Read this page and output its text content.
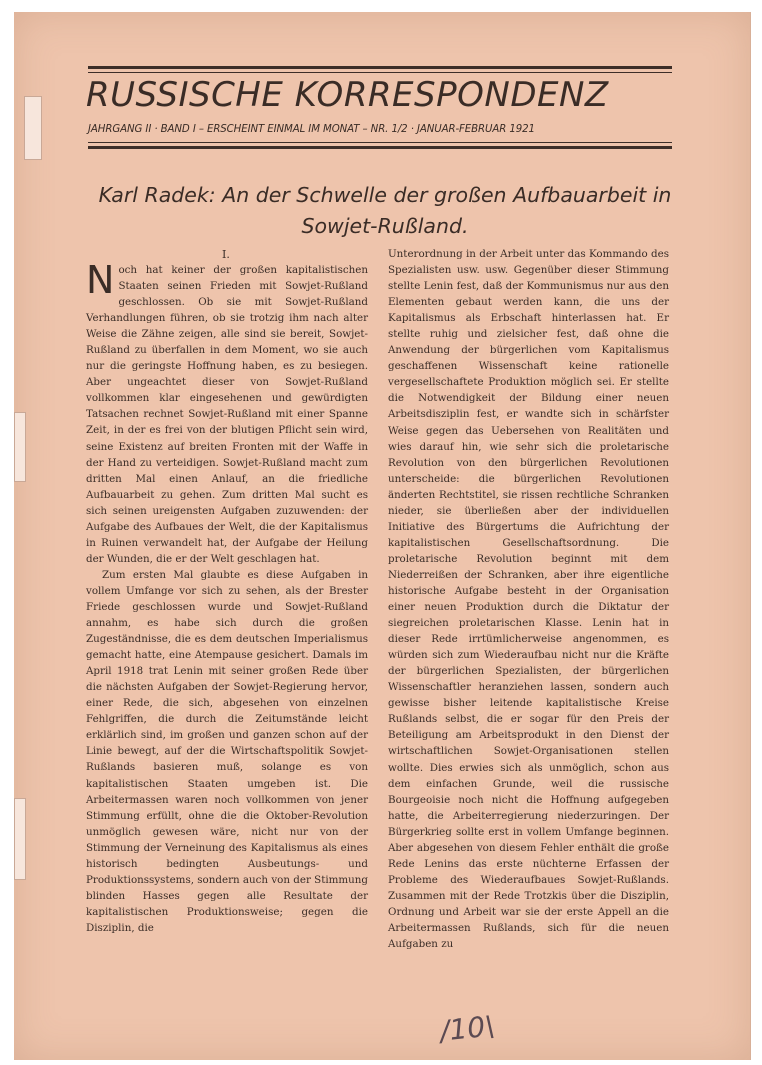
RUSSISCHE KORRESPONDENZ
JAHRGANG II · BAND I – ERSCHEINT EINMAL IM MONAT – NR. 1/2 · JANUAR-FEBRUAR 1921
Karl Radek: An der Schwelle der großen Aufbauarbeit in
Sowjet-Rußland.
I.

Noch hat keiner der großen kapitalistischen Staaten seinen Frieden mit Sowjet-Rußland geschlossen. Ob sie mit Sowjet-Rußland Verhandlungen führen, ob sie trotzig ihm nach alter Weise die Zähne zeigen, alle sind sie bereit, Sowjet-Rußland zu überfallen in dem Moment, wo sie auch nur die geringste Hoffnung haben, es zu besiegen. Aber ungeachtet dieser von Sowjet-Rußland vollkommen klar eingesehenen und gewürdigten Tatsachen rechnet Sowjet-Rußland mit einer Spanne Zeit, in der es frei von der blutigen Pflicht sein wird, seine Existenz auf breiten Fronten mit der Waffe in der Hand zu verteidigen. Sowjet-Rußland macht zum dritten Mal einen Anlauf, an die friedliche Aufbauarbeit zu gehen. Zum dritten Mal sucht es sich seinen ureigensten Aufgaben zuzuwenden: der Aufgabe des Aufbaues der Welt, die der Kapitalismus in Ruinen verwandelt hat, der Aufgabe der Heilung der Wunden, die er der Welt geschlagen hat.

Zum ersten Mal glaubte es diese Aufgaben in vollem Umfange vor sich zu sehen, als der Brester Friede geschlossen wurde und Sowjet-Rußland annahm, es habe sich durch die großen Zugeständnisse, die es dem deutschen Imperialismus gemacht hatte, eine Atempause gesichert. Damals im April 1918 trat Lenin mit seiner großen Rede über die nächsten Aufgaben der Sowjet-Regierung hervor, einer Rede, die sich, abgesehen von einzelnen Fehlgriffen, die durch die Zeitumstände leicht erklärlich sind, im großen und ganzen schon auf der Linie bewegt, auf der die Wirtschaftspolitik Sowjet-Rußlands basieren muß, solange es von kapitalistischen Staaten umgeben ist. Die Arbeitermassen waren noch vollkommen von jener Stimmung erfüllt, ohne die die Oktober-Revolution unmöglich gewesen wäre, nicht nur von der Stimmung der Verneinung des Kapitalismus als eines historisch bedingten Ausbeutungs- und Produktionssystems, sondern auch von der Stimmung blinden Hasses gegen alle Resultate der kapitalistischen Produktionsweise; gegen die Disziplin, die

Unterordnung in der Arbeit unter das Kommando des Spezialisten usw. usw. Gegenüber dieser Stimmung stellte Lenin fest, daß der Kommunismus nur aus den Elementen gebaut werden kann, die uns der Kapitalismus als Erbschaft hinterlassen hat. Er stellte ruhig und zielsicher fest, daß ohne die Anwendung der bürgerlichen vom Kapitalismus geschaffenen Wissenschaft keine rationelle vergesellschaftete Produktion möglich sei. Er stellte die Notwendigkeit der Bildung einer neuen Arbeitsdisziplin fest, er wandte sich in schärfster Weise gegen das Uebersehen von Realitäten und wies darauf hin, wie sehr sich die proletarische Revolution von den bürgerlichen Revolutionen unterscheide: die bürgerlichen Revolutionen änderten Rechtstitel, sie rissen rechtliche Schranken nieder, sie überließen aber der individuellen Initiative des Bürgertums die Aufrichtung der kapitalistischen Gesellschaftsordnung. Die proletarische Revolution beginnt mit dem Niederreißen der Schranken, aber ihre eigentliche historische Aufgabe besteht in der Organisation einer neuen Produktion durch die Diktatur der siegreichen proletarischen Klasse. Lenin hat in dieser Rede irrtümlicherweise angenommen, es würden sich zum Wiederaufbau nicht nur die Kräfte der bürgerlichen Spezialisten, der bürgerlichen Wissenschaftler heranziehen lassen, sondern auch gewisse bisher leitende kapitalistische Kreise Rußlands selbst, die er sogar für den Preis der Beteiligung am Arbeitsprodukt in den Dienst der wirtschaftlichen Sowjet-Organisationen stellen wollte. Dies erwies sich als unmöglich, schon aus dem einfachen Grunde, weil die russische Bourgeoisie noch nicht die Hoffnung aufgegeben hatte, die Arbeiterregierung niederzuringen. Der Bürgerkrieg sollte erst in vollem Umfange beginnen. Aber abgesehen von diesem Fehler enthält die große Rede Lenins das erste nüchterne Erfassen der Probleme des Wiederaufbaues Sowjet-Rußlands. Zusammen mit der Rede Trotzkis über die Disziplin, Ordnung und Arbeit war sie der erste Appell an die Arbeitermassen Rußlands, sich für die neuen Aufgaben zu

/10\
